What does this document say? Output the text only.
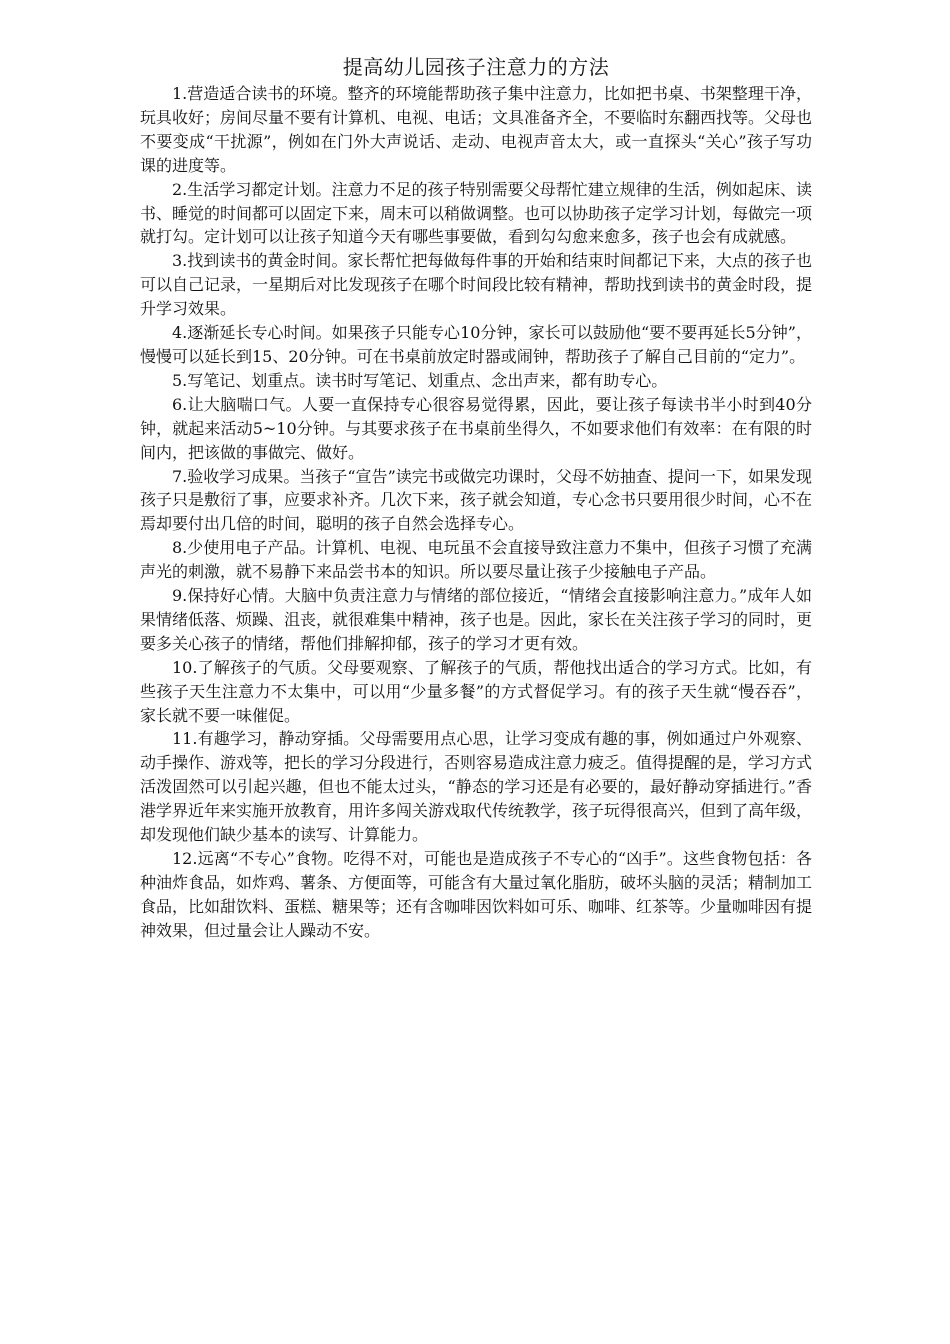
提高幼儿园孩子注意力的方法

1.营造适合读书的环境。整齐的环境能帮助孩子集中注意力，比如把书桌、书架整理干净，玩具收好；房间尽量不要有计算机、电视、电话；文具准备齐全，不要临时东翻西找等。父母也不要变成“干扰源”，例如在门外大声说话、走动、电视声音太大，或一直探头“关心”孩子写功课的进度等。

2.生活学习都定计划。注意力不足的孩子特别需要父母帮忙建立规律的生活，例如起床、读书、睡觉的时间都可以固定下来，周末可以稍做调整。也可以协助孩子定学习计划，每做完一项就打勾。定计划可以让孩子知道今天有哪些事要做，看到勾勾愈来愈多，孩子也会有成就感。

3.找到读书的黄金时间。家长帮忙把每做每件事的开始和结束时间都记下来，大点的孩子也可以自己记录，一星期后对比发现孩子在哪个时间段比较有精神，帮助找到读书的黄金时段，提升学习效果。

4.逐渐延长专心时间。如果孩子只能专心10分钟，家长可以鼓励他“要不要再延长5分钟”，慢慢可以延长到15、20分钟。可在书桌前放定时器或闹钟，帮助孩子了解自己目前的“定力”。

5.写笔记、划重点。读书时写笔记、划重点、念出声来，都有助专心。

6.让大脑喘口气。人要一直保持专心很容易觉得累，因此，要让孩子每读书半小时到40分钟，就起来活动5~10分钟。与其要求孩子在书桌前坐得久，不如要求他们有效率：在有限的时间内，把该做的事做完、做好。

7.验收学习成果。当孩子“宣告”读完书或做完功课时，父母不妨抽查、提问一下，如果发现孩子只是敷衍了事，应要求补齐。几次下来，孩子就会知道，专心念书只要用很少时间，心不在焉却要付出几倍的时间，聪明的孩子自然会选择专心。

8.少使用电子产品。计算机、电视、电玩虽不会直接导致注意力不集中，但孩子习惯了充满声光的刺激，就不易静下来品尝书本的知识。所以要尽量让孩子少接触电子产品。

9.保持好心情。大脑中负责注意力与情绪的部位接近，“情绪会直接影响注意力。”成年人如果情绪低落、烦躁、沮丧，就很难集中精神，孩子也是。因此，家长在关注孩子学习的同时，更要多关心孩子的情绪，帮他们排解抑郁，孩子的学习才更有效。

10.了解孩子的气质。父母要观察、了解孩子的气质，帮他找出适合的学习方式。比如，有些孩子天生注意力不太集中，可以用“少量多餐”的方式督促学习。有的孩子天生就“慢吞吞”，家长就不要一味催促。

11.有趣学习，静动穿插。父母需要用点心思，让学习变成有趣的事，例如通过户外观察、动手操作、游戏等，把长的学习分段进行，否则容易造成注意力疲乏。值得提醒的是，学习方式活泼固然可以引起兴趣，但也不能太过头，“静态的学习还是有必要的，最好静动穿插进行。”香港学界近年来实施开放教育，用许多闯关游戏取代传统教学，孩子玩得很高兴，但到了高年级，却发现他们缺少基本的读写、计算能力。

12.远离“不专心”食物。吃得不对，可能也是造成孩子不专心的“凶手”。这些食物包括：各种油炸食品，如炸鸡、薯条、方便面等，可能含有大量过氧化脂肪，破坏头脑的灵活；精制加工食品，比如甜饮料、蛋糕、糖果等；还有含咖啡因饮料如可乐、咖啡、红茶等。少量咖啡因有提神效果，但过量会让人躁动不安。
